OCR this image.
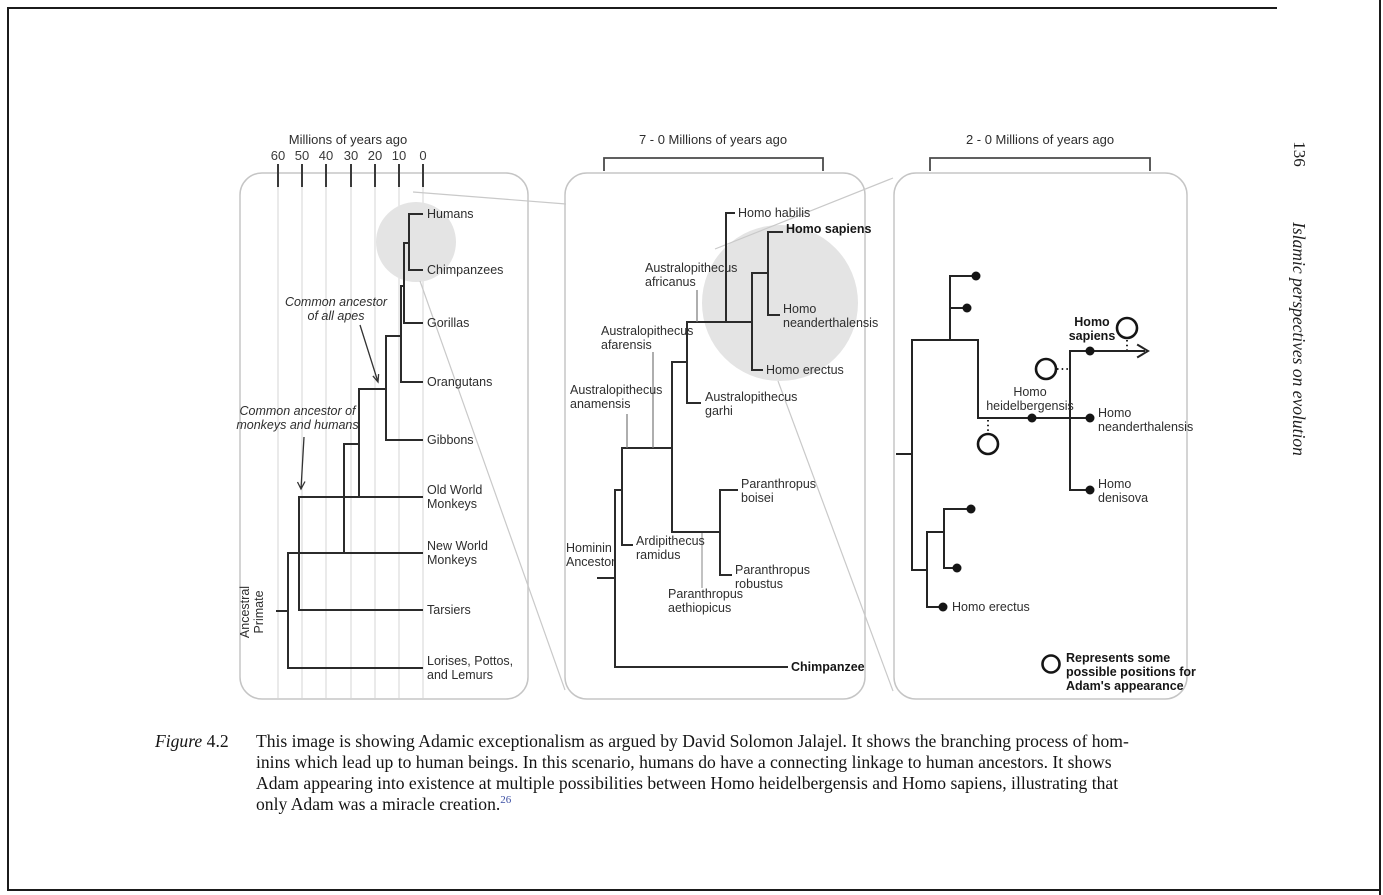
Millions of years ago
60 50 40 30 20 10	0
Humans
Chimpanzees
Gorillas
Orangutans
Gibbons
Old World Monkeys
New World Monkeys
Tarsiers
Lorises, Pottos, and Lemurs
Common ancestor
of all apes
Common ancestor of
monkeys and humans
Ancestral Primate
7 - 0 Millions of years ago
Homo habilis
Homo sapiens
Australopithecus africanus
Homo neanderthalensis
Australopithecus afarensis
Homo erectus
Australopithecus anamensis	Australopithecus garhi
Paranthropus boisei
Ardipithecus ramidus
Hominin Ancestor
Paranthropus robustus
Paranthropus aethiopicus
Chimpanzee
2 - 0 Millions of years ago
Homo sapiens
Homo heidelbergensis	Homo neanderthalensis
Homo denisova
Homo erectus
Represents some
possible positions for
Adam's appearance
136
Islamic perspectives on evolution
Figure 4.2 This image is showing Adamic exceptionalism as argued by David Solomon Jalajel. It shows the branching process of hom-
inins which lead up to human beings. In this scenario, humans do have a connecting linkage to human ancestors. It shows
Adam appearing into existence at multiple possibilities between Homo heidelbergensis and Homo sapiens, illustrating that
only Adam was a miracle creation.$^{26}$
